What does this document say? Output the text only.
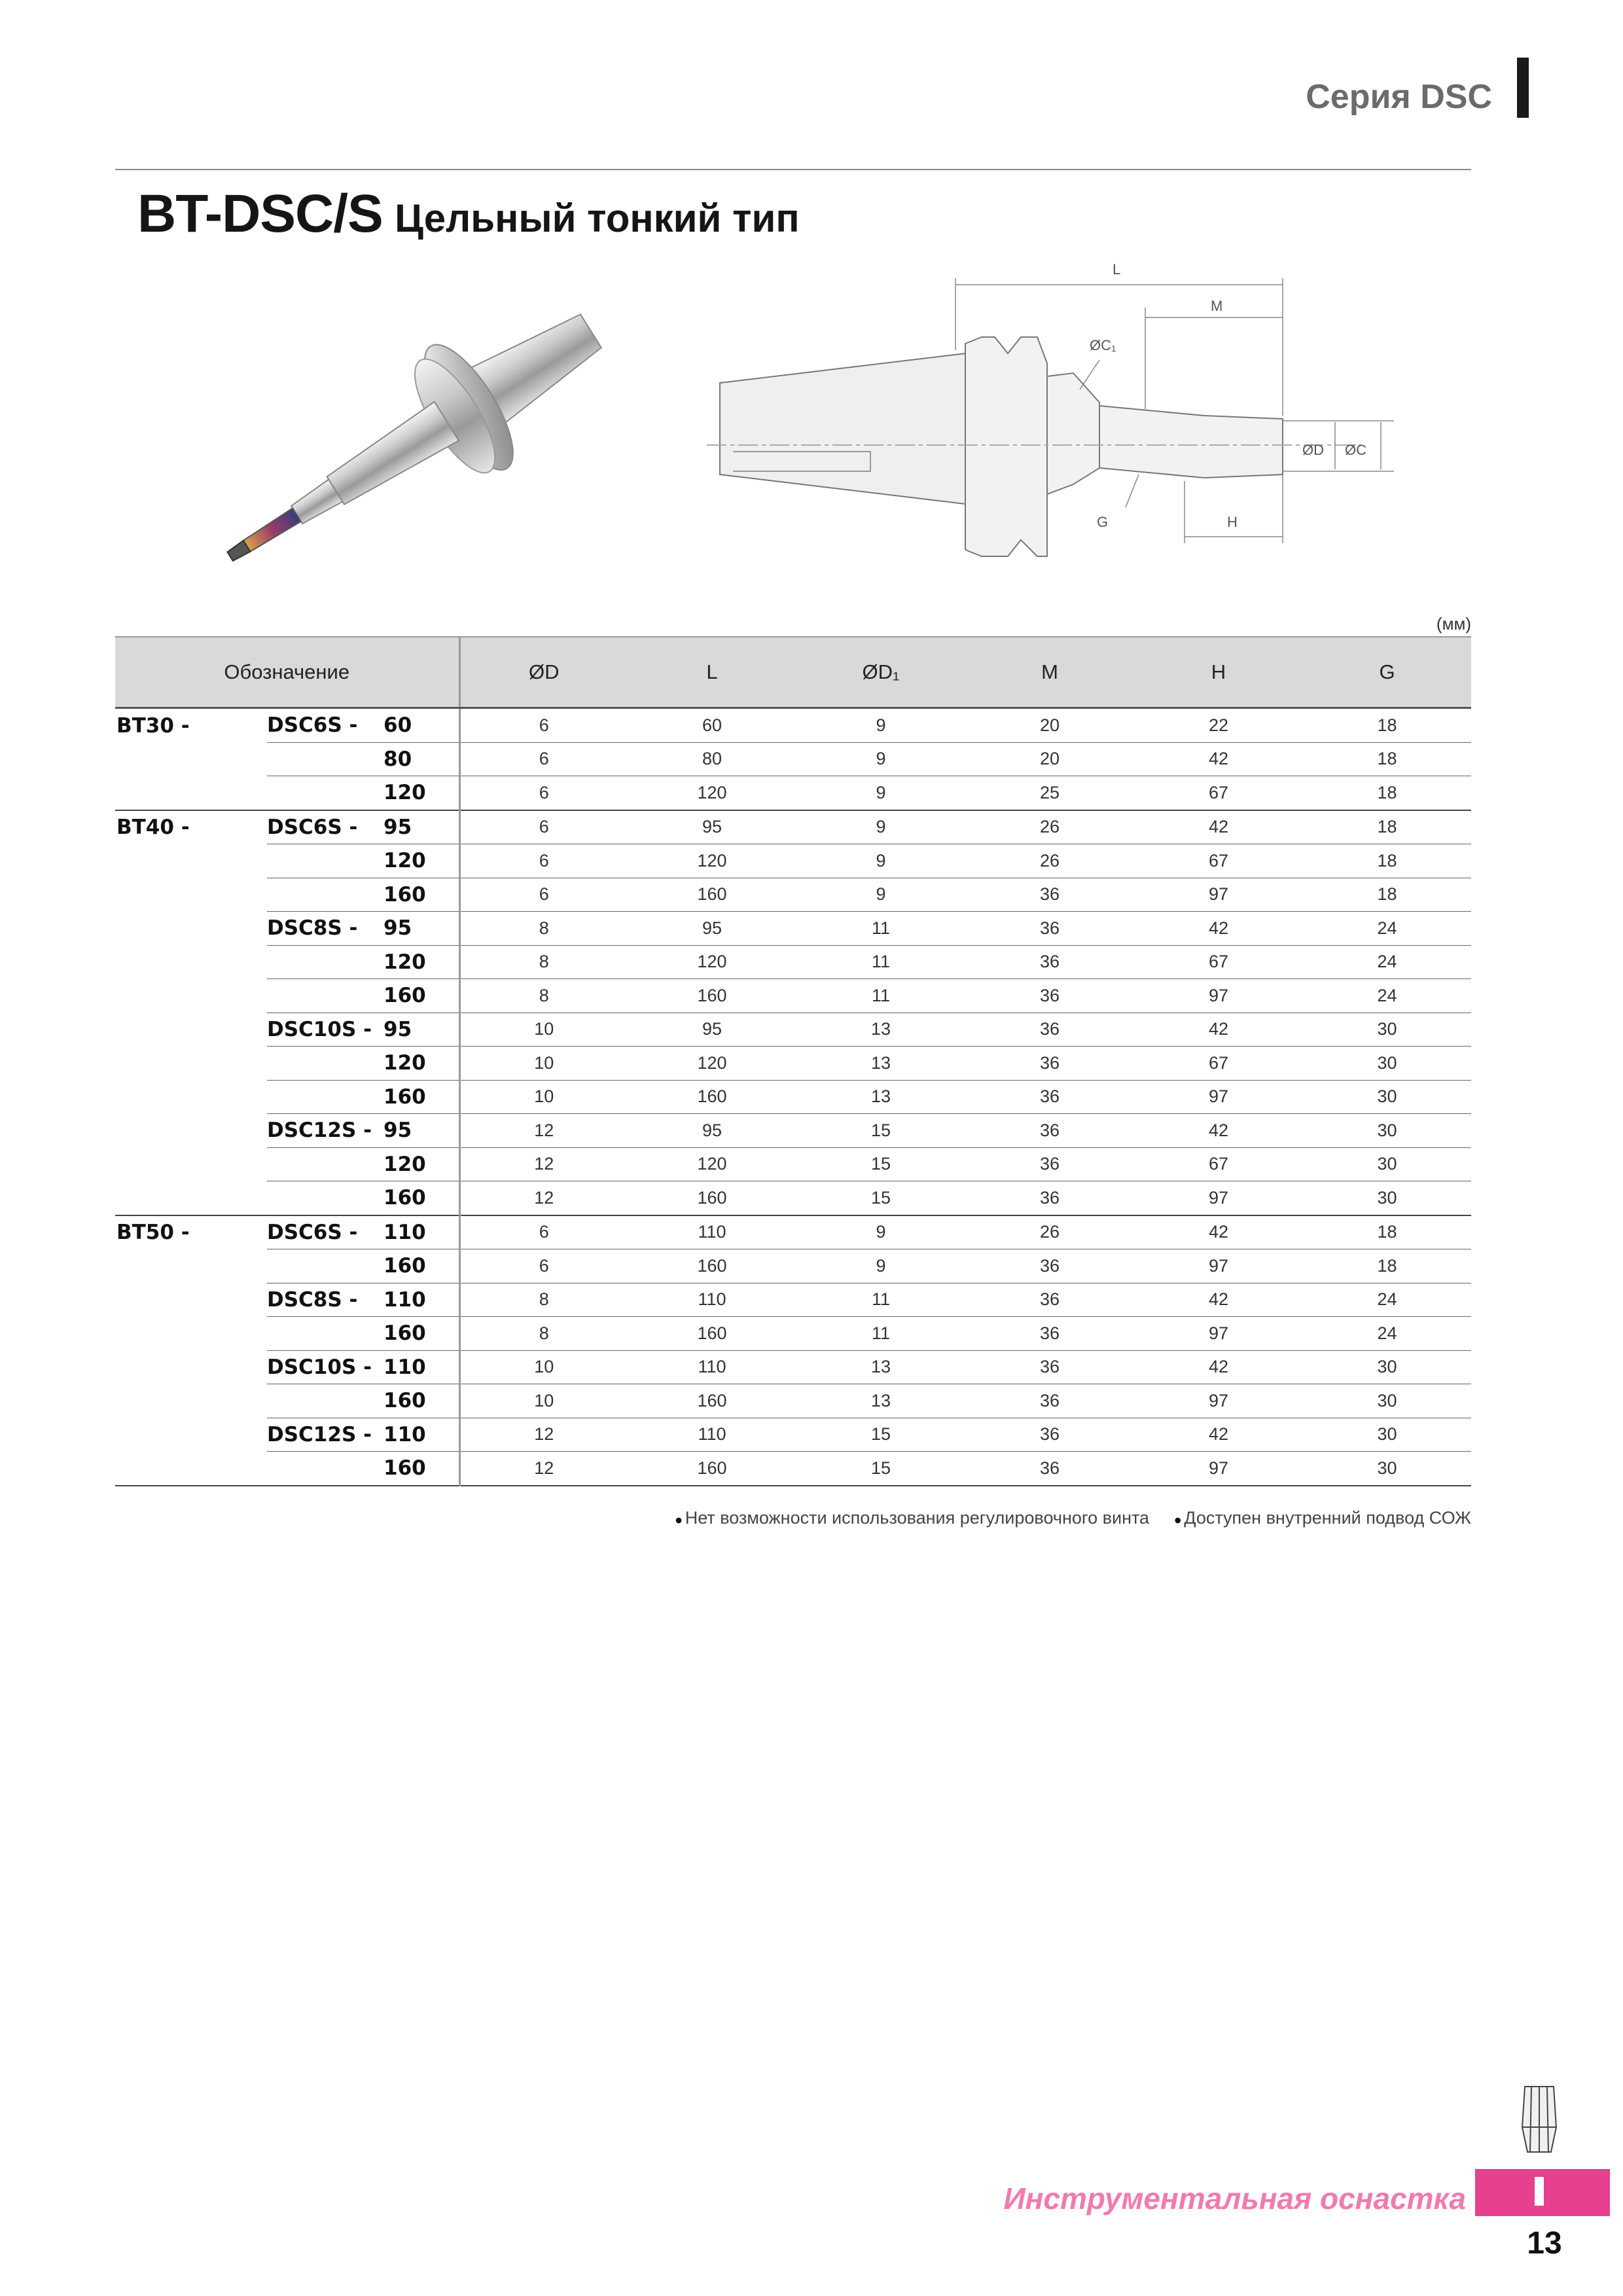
Серия DSC
BT-DSC/S Цельный тонкий тип
L
M
ØC₁
ØD ØC
G	H
(мм)
Обозначение			ØD	L	ØD₁	M	H	G
BT30 -	DSC6S -	60	6	60	9	20	22	18
		80	6	80	9	20	42	18
		120	6	120	9	25	67	18
BT40 -	DSC6S -	95	6	95	9	26	42	18
		120	6	120	9	26	67	18
		160	6	160	9	36	97	18
	DSC8S -	95	8	95	11	36	42	24
		120	8	120	11	36	67	24
		160	8	160	11	36	97	24
	DSC10S -	95	10	95	13	36	42	30
		120	10	120	13	36	67	30
		160	10	160	13	36	97	30
	DSC12S -	95	12	95	15	36	42	30
		120	12	120	15	36	67	30
		160	12	160	15	36	97	30
BT50 -	DSC6S -	110	6	110	9	26	42	18
		160	6	160	9	36	97	18
	DSC8S -	110	8	110	11	36	42	24
		160	8	160	11	36	97	24
	DSC10S -	110	10	110	13	36	42	30
		160	10	160	13	36	97	30
	DSC12S -	110	12	110	15	36	42	30
		160	12	160	15	36	97	30
• Нет возможности использования регулировочного винта • Доступен внутренний подвод СОЖ
Инструментальная оснастка
13
